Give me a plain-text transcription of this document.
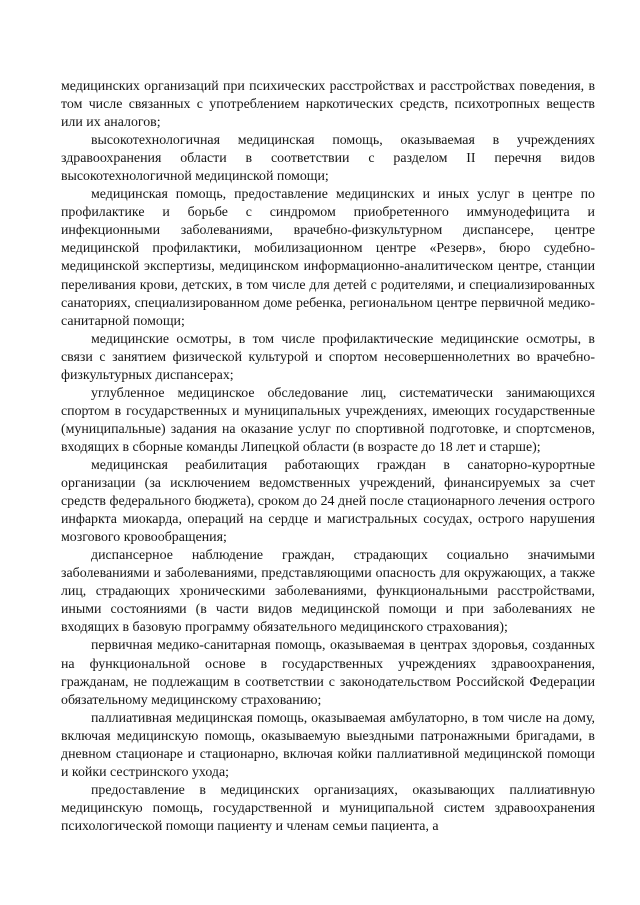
медицинских организаций при психических расстройствах и расстройствах поведения, в том числе связанных с употреблением наркотических средств, психотропных веществ или их аналогов;

высокотехнологичная медицинская помощь, оказываемая в учреждениях здравоохранения области в соответствии с разделом II перечня видов высокотехнологичной медицинской помощи;

медицинская помощь, предоставление медицинских и иных услуг в центре по профилактике и борьбе с синдромом приобретенного иммунодефицита и инфекционными заболеваниями, врачебно-физкультурном диспансере, центре медицинской профилактики, мобилизационном центре «Резерв», бюро судебно-медицинской экспертизы, медицинском информационно-аналитическом центре, станции переливания крови, детских, в том числе для детей с родителями, и специализированных санаториях, специализированном доме ребенка, региональном центре первичной медико-санитарной помощи;

медицинские осмотры, в том числе профилактические медицинские осмотры, в связи с занятием физической культурой и спортом несовершеннолетних во врачебно-физкультурных диспансерах;

углубленное медицинское обследование лиц, систематически занимающихся спортом в государственных и муниципальных учреждениях, имеющих государственные (муниципальные) задания на оказание услуг по спортивной подготовке, и спортсменов, входящих в сборные команды Липецкой области (в возрасте до 18 лет и старше);

медицинская реабилитация работающих граждан в санаторно-курортные организации (за исключением ведомственных учреждений, финансируемых за счет средств федерального бюджета), сроком до 24 дней после стационарного лечения острого инфаркта миокарда, операций на сердце и магистральных сосудах, острого нарушения мозгового кровообращения;

диспансерное наблюдение граждан, страдающих социально значимыми заболеваниями и заболеваниями, представляющими опасность для окружающих, а также лиц, страдающих хроническими заболеваниями, функциональными расстройствами, иными состояниями (в части видов медицинской помощи и при заболеваниях не входящих в базовую программу обязательного медицинского страхования);

первичная медико-санитарная помощь, оказываемая в центрах здоровья, созданных на функциональной основе в государственных учреждениях здравоохранения, гражданам, не подлежащим в соответствии с законодательством Российской Федерации обязательному медицинскому страхованию;

паллиативная медицинская помощь, оказываемая амбулаторно, в том числе на дому, включая медицинскую помощь, оказываемую выездными патронажными бригадами, в дневном стационаре и стационарно, включая койки паллиативной медицинской помощи и койки сестринского ухода;

предоставление в медицинских организациях, оказывающих паллиативную медицинскую помощь, государственной и муниципальной систем здравоохранения психологической помощи пациенту и членам семьи пациента, а
